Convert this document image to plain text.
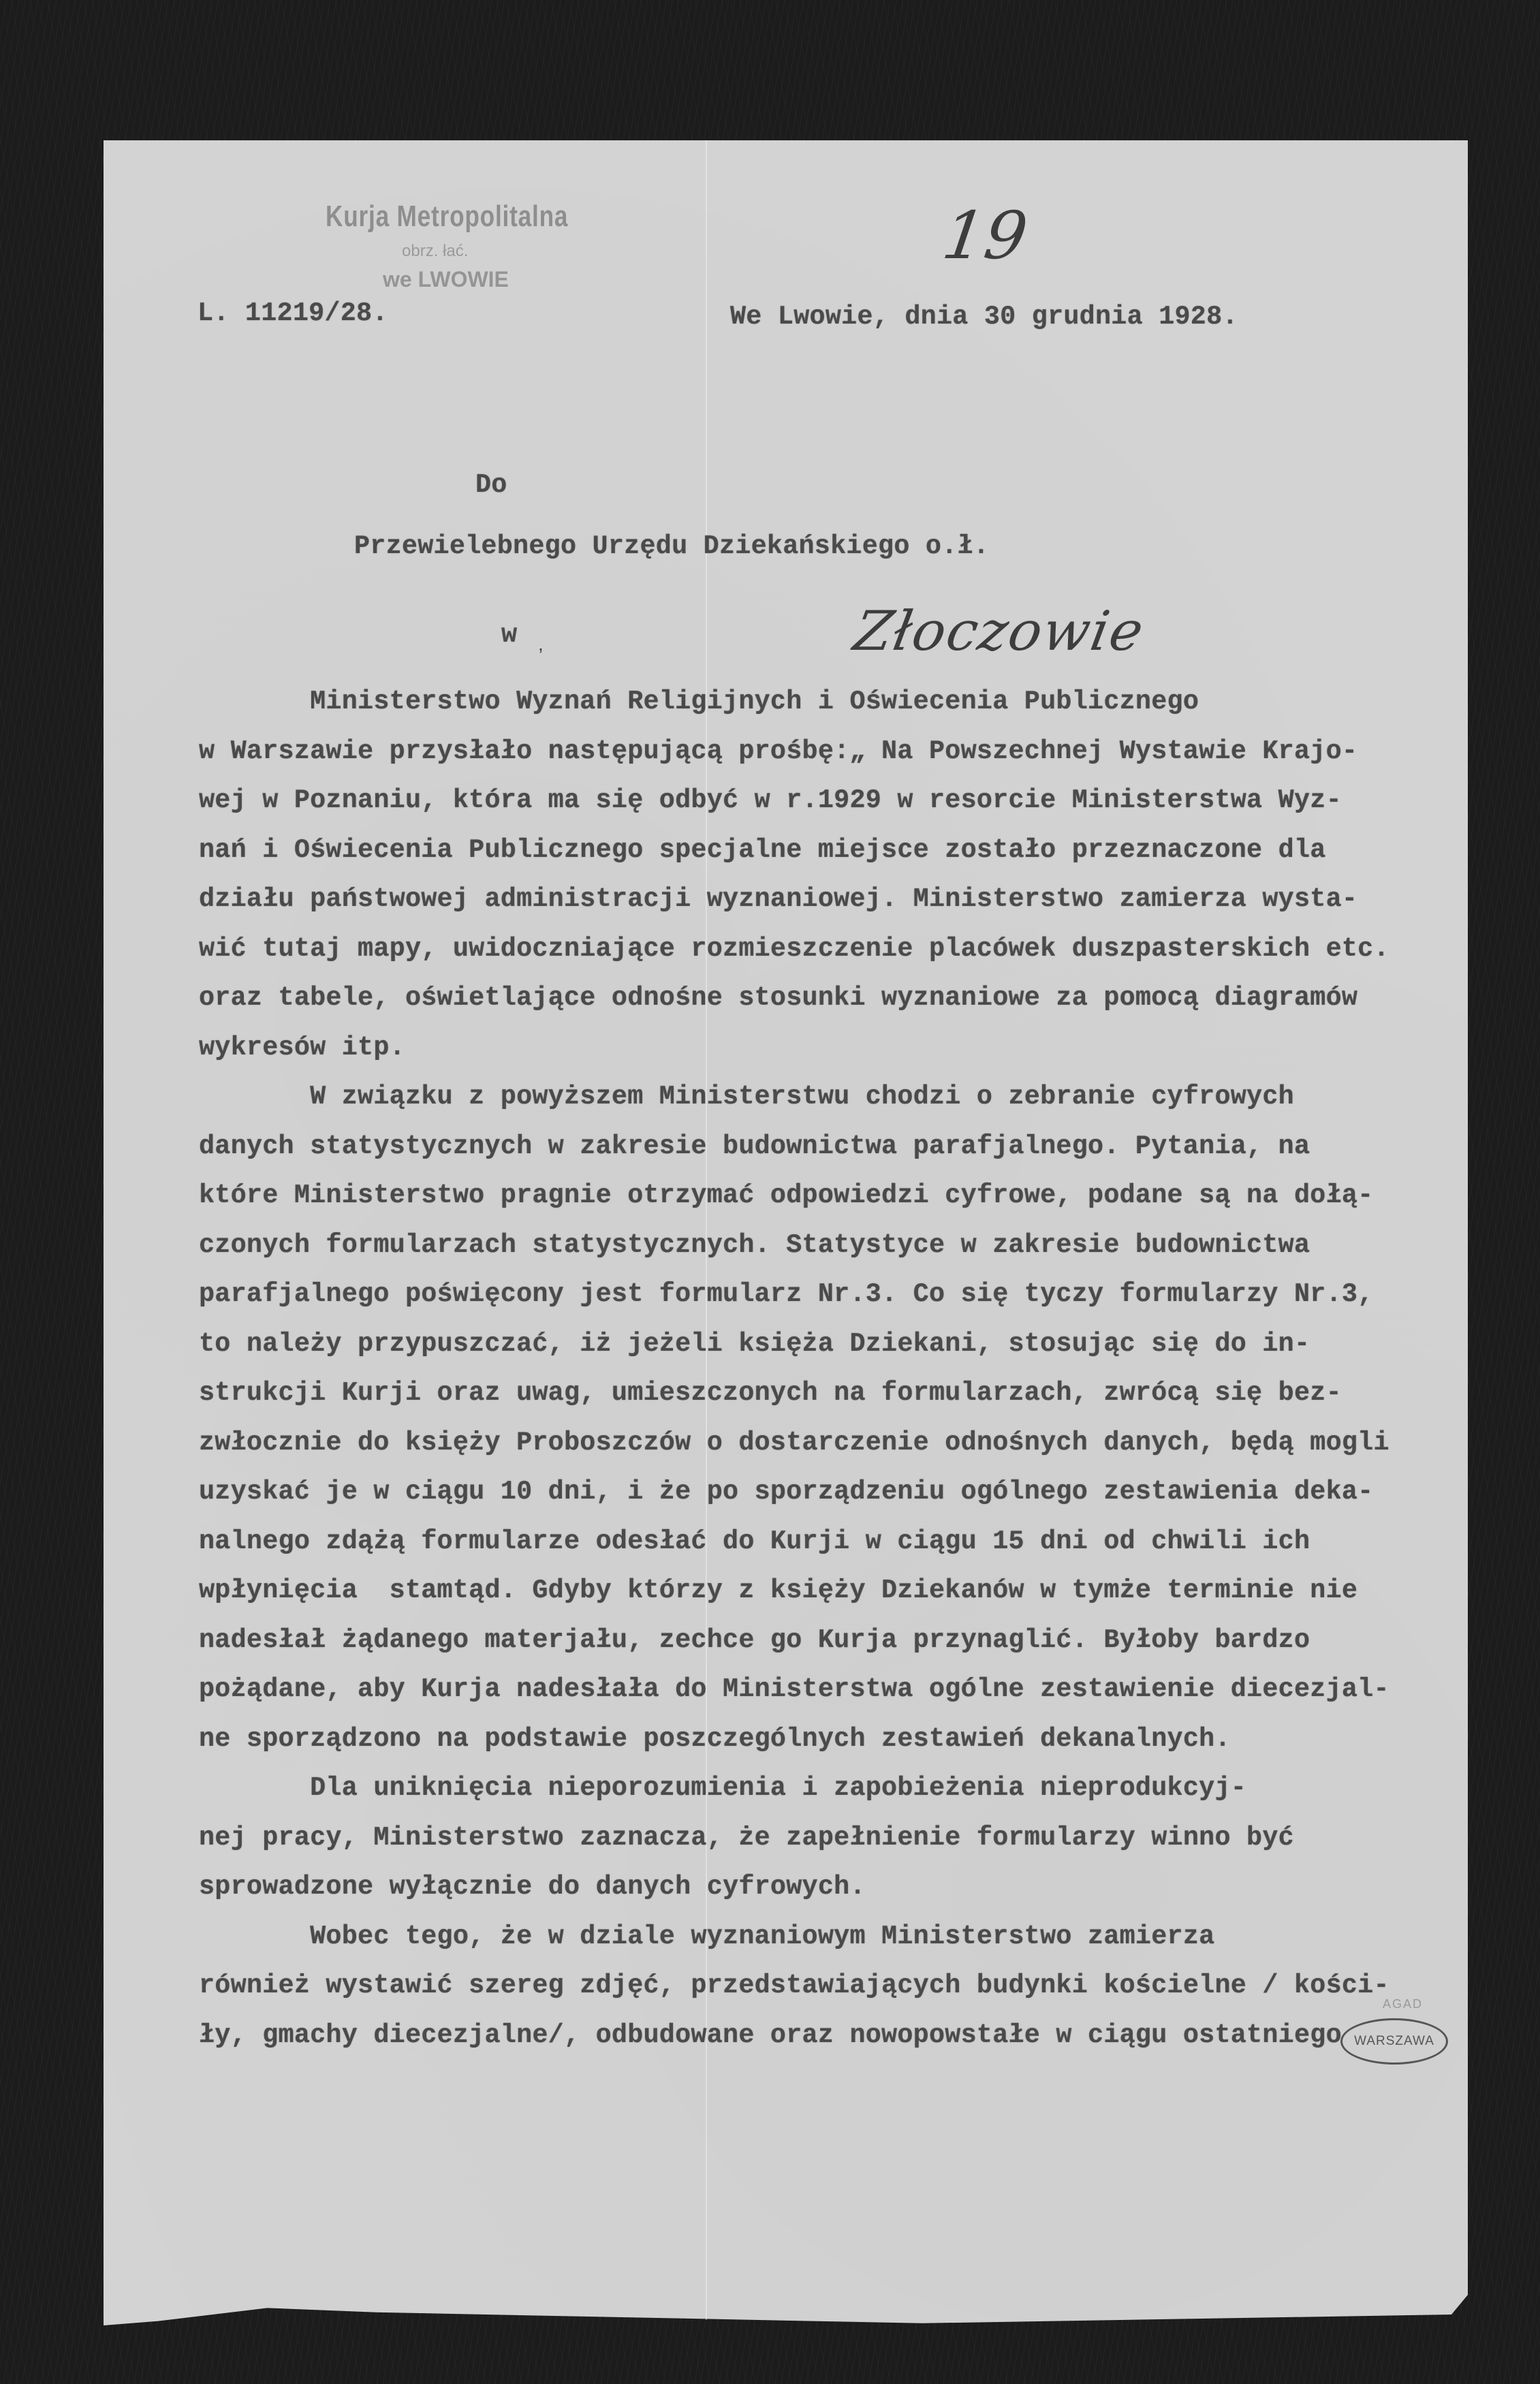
Kurja Metropolitalna
obrz. łać.
we LWOWIE
19
L. 11219/28.	We Lwowie, dnia 30 grudnia 1928.
Do
Przewielebnego Urzędu Dziekańskiego o.ł.
,
w	Złoczowie
Ministerstwo Wyznań Religijnych i Oświecenia Publicznego
w Warszawie przysłało następującą prośbę:„ Na Powszechnej Wystawie Krajo-
wej w Poznaniu, która ma się odbyć w r.1929 w resorcie Ministerstwa Wyz-
nań i Oświecenia Publicznego specjalne miejsce zostało przeznaczone dla
działu państwowej administracji wyznaniowej. Ministerstwo zamierza wysta-
wić tutaj mapy, uwidoczniające rozmieszczenie placówek duszpasterskich etc.
oraz tabele, oświetlające odnośne stosunki wyznaniowe za pomocą diagramów
wykresów itp.
W związku z powyższem Ministerstwu chodzi o zebranie cyfrowych
danych statystycznych w zakresie budownictwa parafjalnego. Pytania, na
które Ministerstwo pragnie otrzymać odpowiedzi cyfrowe, podane są na dołą-
czonych formularzach statystycznych. Statystyce w zakresie budownictwa
parafjalnego poświęcony jest formularz Nr.3. Co się tyczy formularzy Nr.3,
to należy przypuszczać, iż jeżeli księża Dziekani, stosując się do in-
strukcji Kurji oraz uwag, umieszczonych na formularzach, zwrócą się bez-
zwłocznie do księży Proboszczów o dostarczenie odnośnych danych, będą mogli
uzyskać je w ciągu 10 dni, i że po sporządzeniu ogólnego zestawienia deka-
nalnego zdążą formularze odesłać do Kurji w ciągu 15 dni od chwili ich
wpłynięcia  stamtąd. Gdyby którzy z księży Dziekanów w tymże terminie nie
nadesłał żądanego materjału, zechce go Kurja przynaglić. Byłoby bardzo
pożądane, aby Kurja nadesłała do Ministerstwa ogólne zestawienie diecezjal-
ne sporządzono na podstawie poszczególnych zestawień dekanalnych.
Dla uniknięcia nieporozumienia i zapobieżenia nieprodukcyj-
nej pracy, Ministerstwo zaznacza, że zapełnienie formularzy winno być
sprowadzone wyłącznie do danych cyfrowych.
Wobec tego, że w dziale wyznaniowym Ministerstwo zamierza
również wystawić szereg zdjęć, przedstawiających budynki kościelne / kości-
ły, gmachy diecezjalne/, odbudowane oraz nowopowstałe w ciągu ostatniego
AGAD
WARSZAWA
